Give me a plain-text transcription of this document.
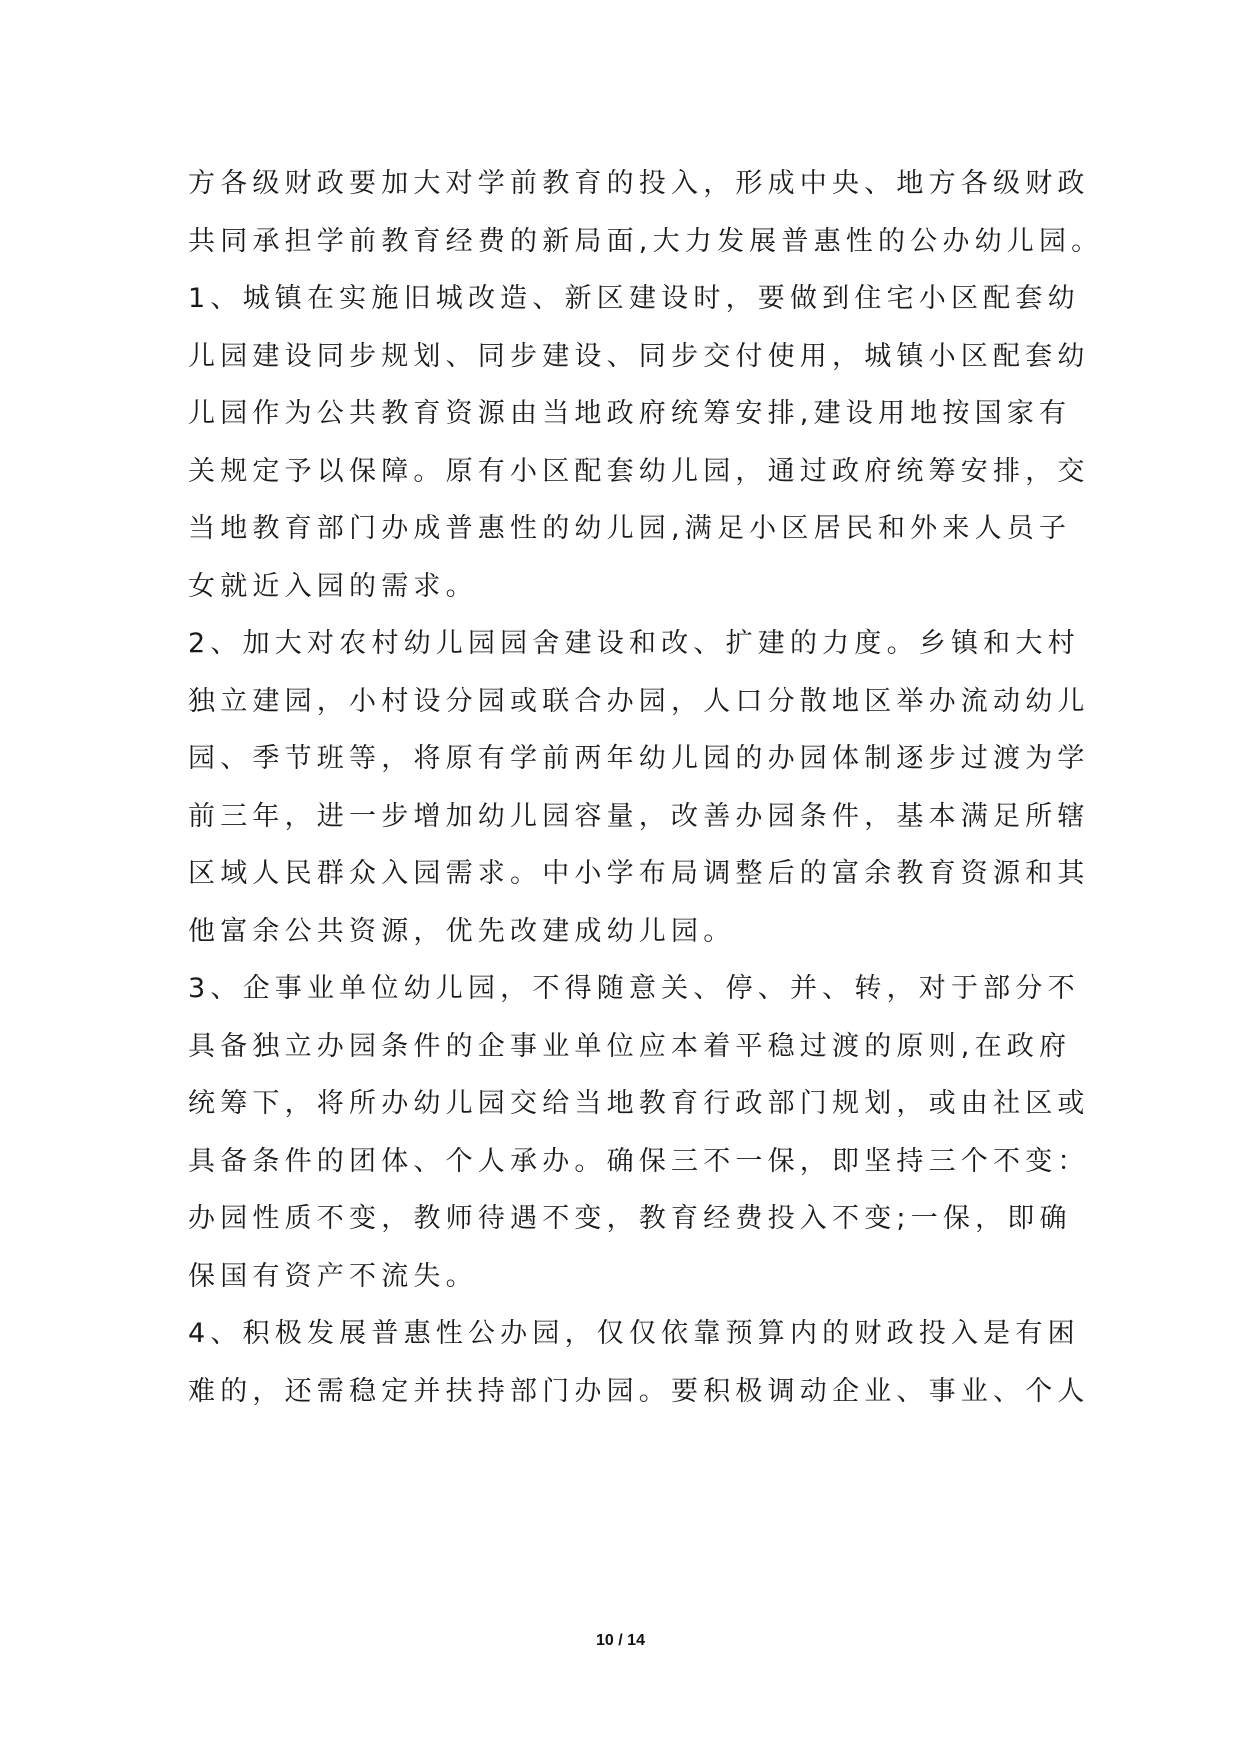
方各级财政要加大对学前教育的投入，形成中央、地方各级财政
共同承担学前教育经费的新局面,大力发展普惠性的公办幼儿园。
1、城镇在实施旧城改造、新区建设时，要做到住宅小区配套幼
儿园建设同步规划、同步建设、同步交付使用，城镇小区配套幼
儿园作为公共教育资源由当地政府统筹安排,建设用地按国家有
关规定予以保障。原有小区配套幼儿园，通过政府统筹安排，交
当地教育部门办成普惠性的幼儿园,满足小区居民和外来人员子
女就近入园的需求。
2、加大对农村幼儿园园舍建设和改、扩建的力度。乡镇和大村
独立建园，小村设分园或联合办园，人口分散地区举办流动幼儿
园、季节班等，将原有学前两年幼儿园的办园体制逐步过渡为学
前三年，进一步增加幼儿园容量，改善办园条件，基本满足所辖
区域人民群众入园需求。中小学布局调整后的富余教育资源和其
他富余公共资源，优先改建成幼儿园。
3、企事业单位幼儿园，不得随意关、停、并、转，对于部分不
具备独立办园条件的企事业单位应本着平稳过渡的原则,在政府
统筹下，将所办幼儿园交给当地教育行政部门规划，或由社区或
具备条件的团体、个人承办。确保三不一保，即坚持三个不变：
办园性质不变，教师待遇不变，教育经费投入不变;一保，即确
保国有资产不流失。
4、积极发展普惠性公办园，仅仅依靠预算内的财政投入是有困
难的，还需稳定并扶持部门办园。要积极调动企业、事业、个人
10 / 14
